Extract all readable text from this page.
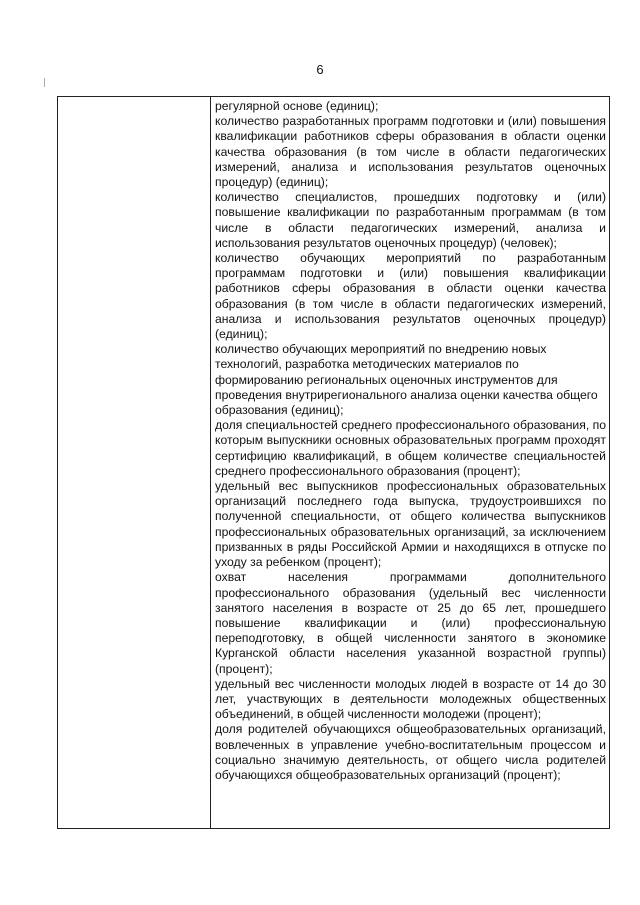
6

регулярной основе (единиц);

количество разработанных программ подготовки и (или) повышения квалификации работников сферы образования в области оценки качества образования (в том числе в области педагогических измерений, анализа и использования результатов оценочных процедур) (единиц);

количество специалистов, прошедших подготовку и (или) повышение квалификации по разработанным программам (в том числе в области педагогических измерений, анализа и использования результатов оценочных процедур) (человек);

количество обучающих мероприятий по разработанным программам подготовки и (или) повышения квалификации работников сферы образования в области оценки качества образования (в том числе в области педагогических измерений, анализа и использования результатов оценочных процедур) (единиц);

количество обучающих мероприятий по внедрению новых технологий, разработка методических материалов по формированию региональных оценочных инструментов для проведения внутрирегионального анализа оценки качества общего образования (единиц);

доля специальностей среднего профессионального образования, по которым выпускники основных образовательных программ проходят сертифицию квалификаций, в общем количестве специальностей среднего профессионального образования (процент);

удельный вес выпускников профессиональных образовательных организаций последнего года выпуска, трудоустроившихся по полученной специальности, от общего количества выпускников профессиональных образовательных организаций, за исключением призванных в ряды Российской Армии и находящихся в отпуске по уходу за ребенком (процент);

охват населения программами дополнительного профессионального образования (удельный вес численности занятого населения в возрасте от 25 до 65 лет, прошедшего повышение квалификации и (или) профессиональную переподготовку, в общей численности занятого в экономике Курганской области населения указанной возрастной группы) (процент);

удельный вес численности молодых людей в возрасте от 14 до 30 лет, участвующих в деятельности молодежных общественных объединений, в общей численности молодежи (процент);

доля родителей обучающихся общеобразовательных организаций, вовлеченных в управление учебно-воспитательным процессом и социально значимую деятельность, от общего числа родителей обучающихся общеобразовательных организаций (процент);
